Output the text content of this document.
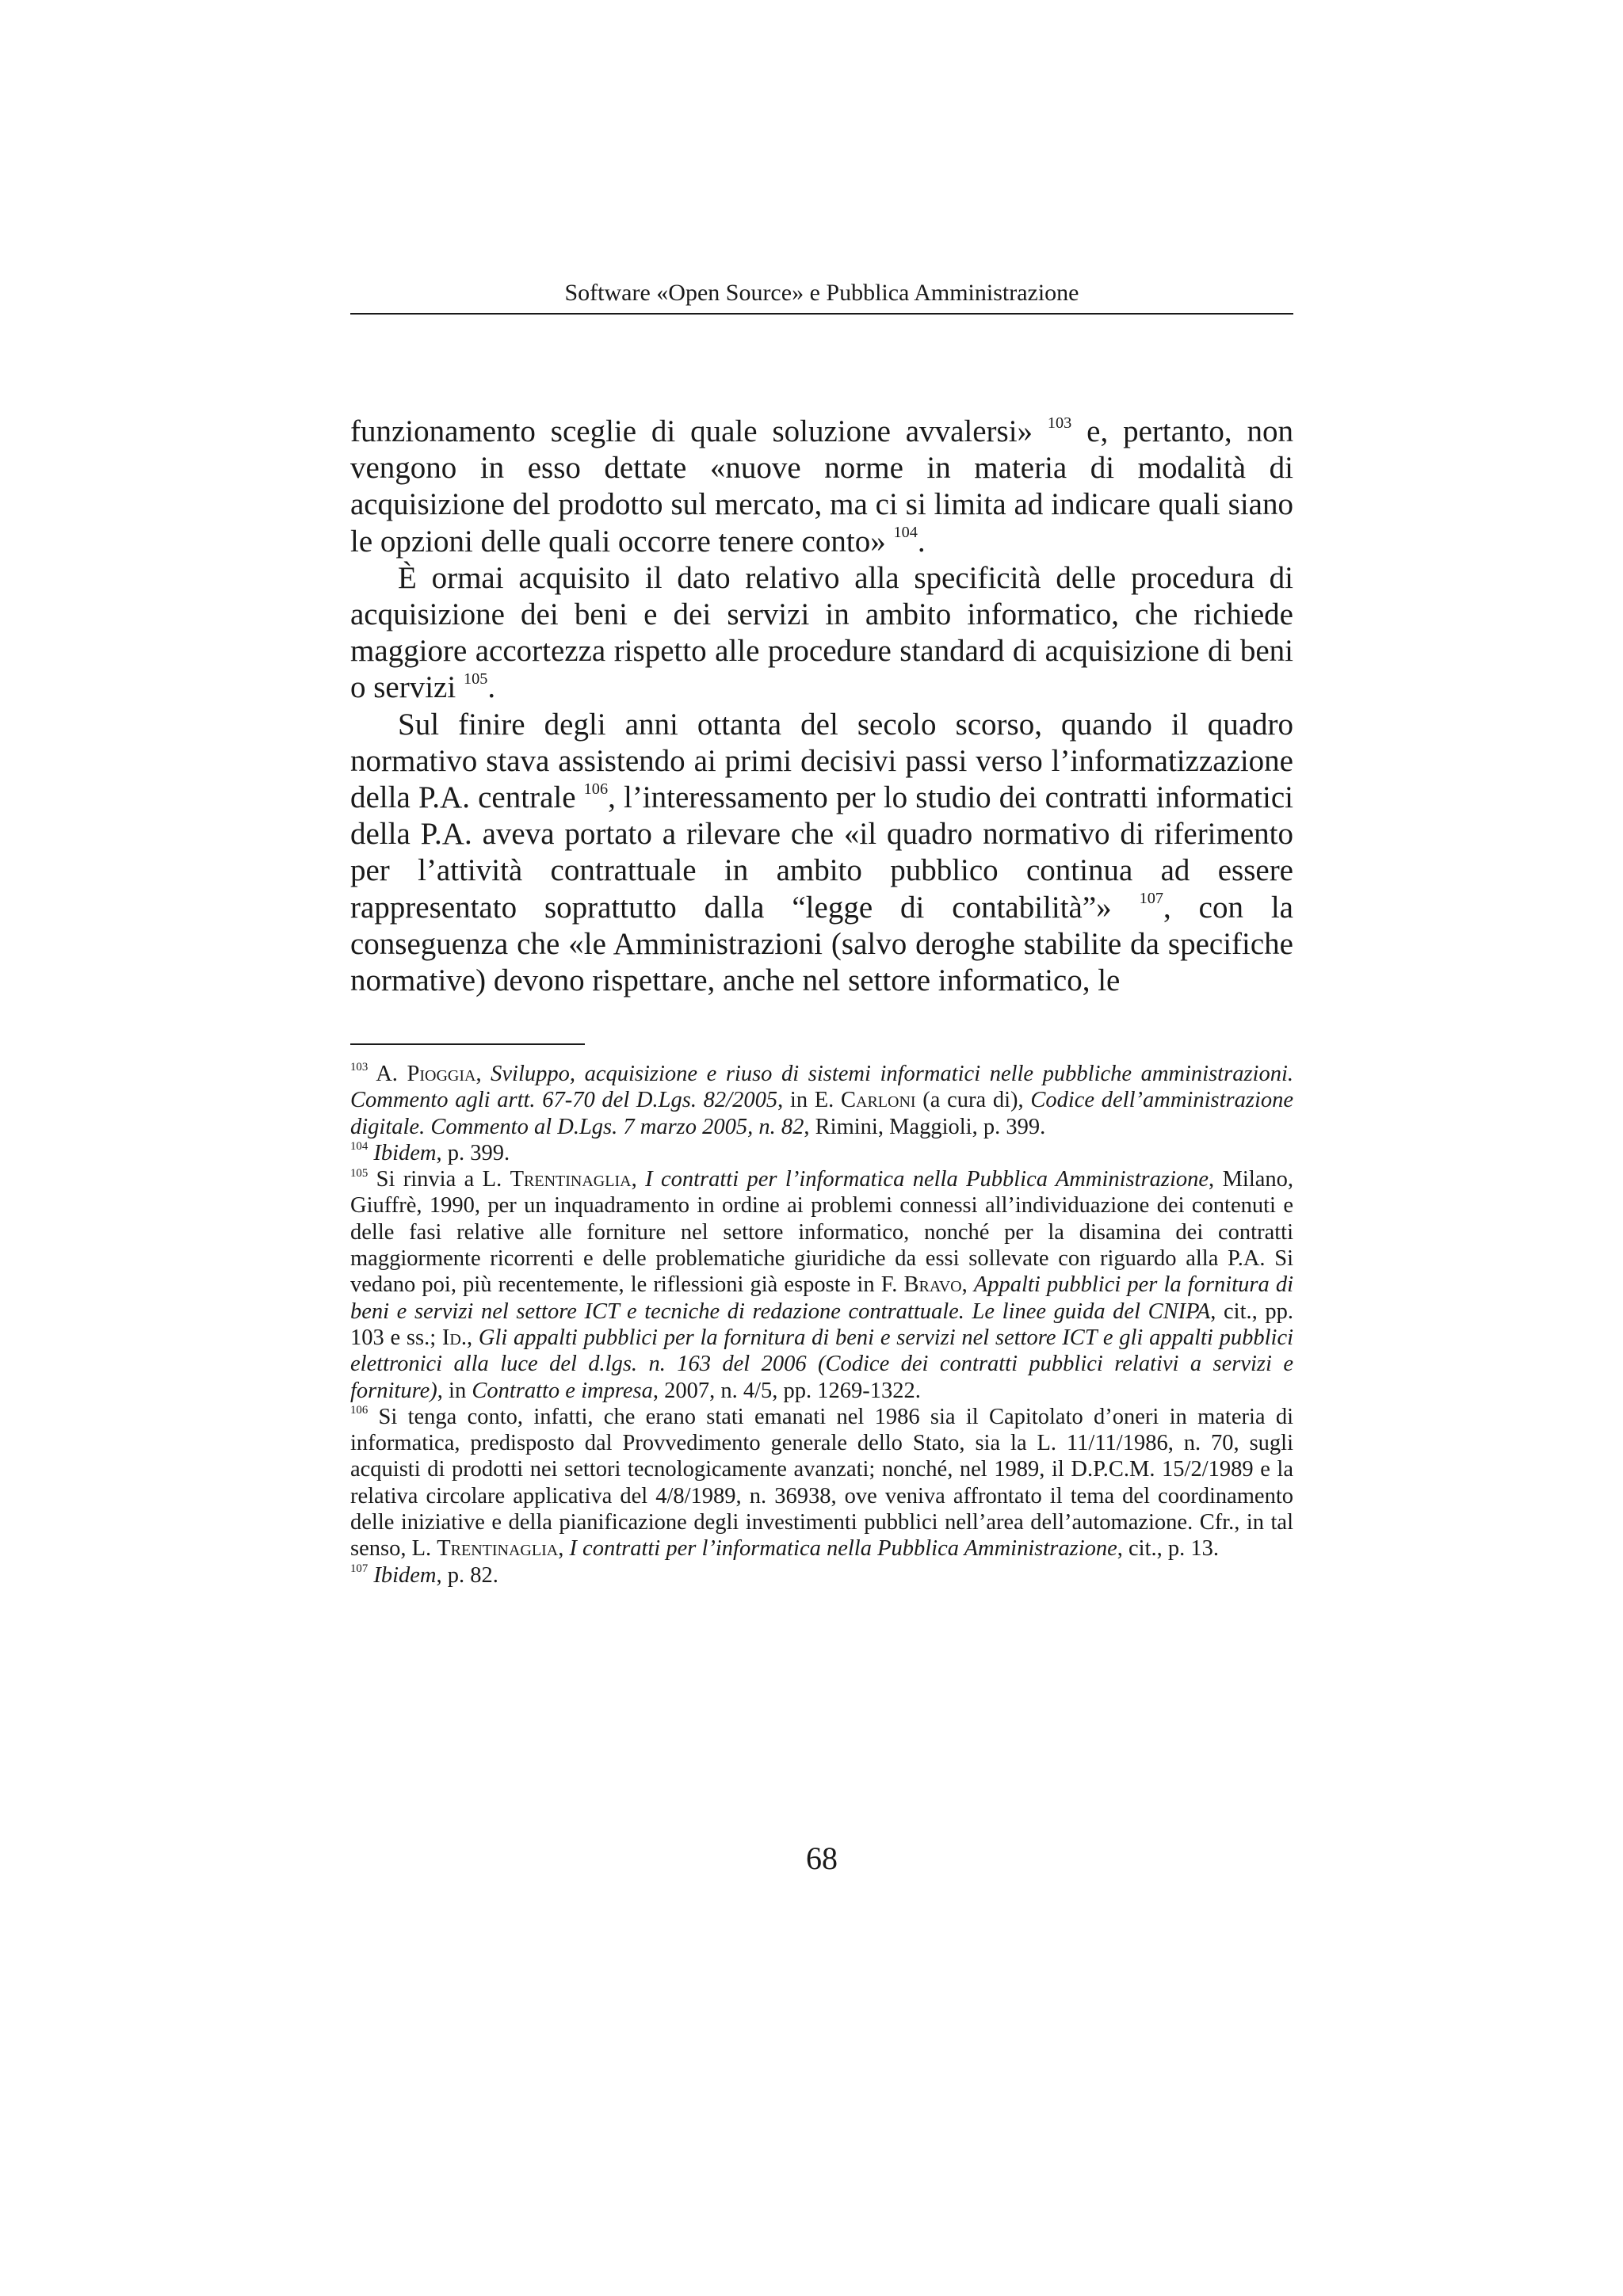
Software «Open Source» e Pubblica Amministrazione

funzionamento sceglie di quale soluzione avvalersi» $^{103}$ e, pertanto, non vengono in esso dettate «nuove norme in materia di modalità di acquisizione del prodotto sul mercato, ma ci si limita ad indicare quali siano le opzioni delle quali occorre tenere conto» $^{104}$.

È ormai acquisito il dato relativo alla specificità delle procedura di acquisizione dei beni e dei servizi in ambito informatico, che richiede maggiore accortezza rispetto alle procedure standard di acquisizione di beni o servizi $^{105}$.

Sul finire degli anni ottanta del secolo scorso, quando il quadro normativo stava assistendo ai primi decisivi passi verso l’informatizzazione della P.A. centrale $^{106}$, l’interessamento per lo studio dei contratti informatici della P.A. aveva portato a rilevare che «il quadro normativo di riferimento per l’attività contrattuale in ambito pubblico continua ad essere rappresentato soprattutto dalla “legge di contabilità”» $^{107}$, con la conseguenza che «le Amministrazioni (salvo deroghe stabilite da specifiche normative) devono rispettare, anche nel settore informatico, le

$^{103}$ A. Pioggia, Sviluppo, acquisizione e riuso di sistemi informatici nelle pubbliche amministrazioni. Commento agli artt. 67-70 del D.Lgs. 82/2005, in E. Carloni (a cura di), Codice dell’amministrazione digitale. Commento al D.Lgs. 7 marzo 2005, n. 82, Rimini, Maggioli, p. 399.

$^{104}$ Ibidem, p. 399.

$^{105}$ Si rinvia a L. Trentinaglia, I contratti per l’informatica nella Pubblica Amministrazione, Milano, Giuffrè, 1990, per un inquadramento in ordine ai problemi connessi all’individuazione dei contenuti e delle fasi relative alle forniture nel settore informatico, nonché per la disamina dei contratti maggiormente ricorrenti e delle problematiche giuridiche da essi sollevate con riguardo alla P.A. Si vedano poi, più recentemente, le riflessioni già esposte in F. Bravo, Appalti pubblici per la fornitura di beni e servizi nel settore ICT e tecniche di redazione contrattuale. Le linee guida del CNIPA, cit., pp. 103 e ss.; Id., Gli appalti pubblici per la fornitura di beni e servizi nel settore ICT e gli appalti pubblici elettronici alla luce del d.lgs. n. 163 del 2006 (Codice dei contratti pubblici relativi a servizi e forniture), in Contratto e impresa, 2007, n. 4/5, pp. 1269-1322.

$^{106}$ Si tenga conto, infatti, che erano stati emanati nel 1986 sia il Capitolato d’oneri in materia di informatica, predisposto dal Provvedimento generale dello Stato, sia la L. 11/11/1986, n. 70, sugli acquisti di prodotti nei settori tecnologicamente avanzati; nonché, nel 1989, il D.P.C.M. 15/2/1989 e la relativa circolare applicativa del 4/8/1989, n. 36938, ove veniva affrontato il tema del coordinamento delle iniziative e della pianificazione degli investimenti pubblici nell’area dell’automazione. Cfr., in tal senso, L. Trentinaglia, I contratti per l’informatica nella Pubblica Amministrazione, cit., p. 13.

$^{107}$ Ibidem, p. 82.

68
